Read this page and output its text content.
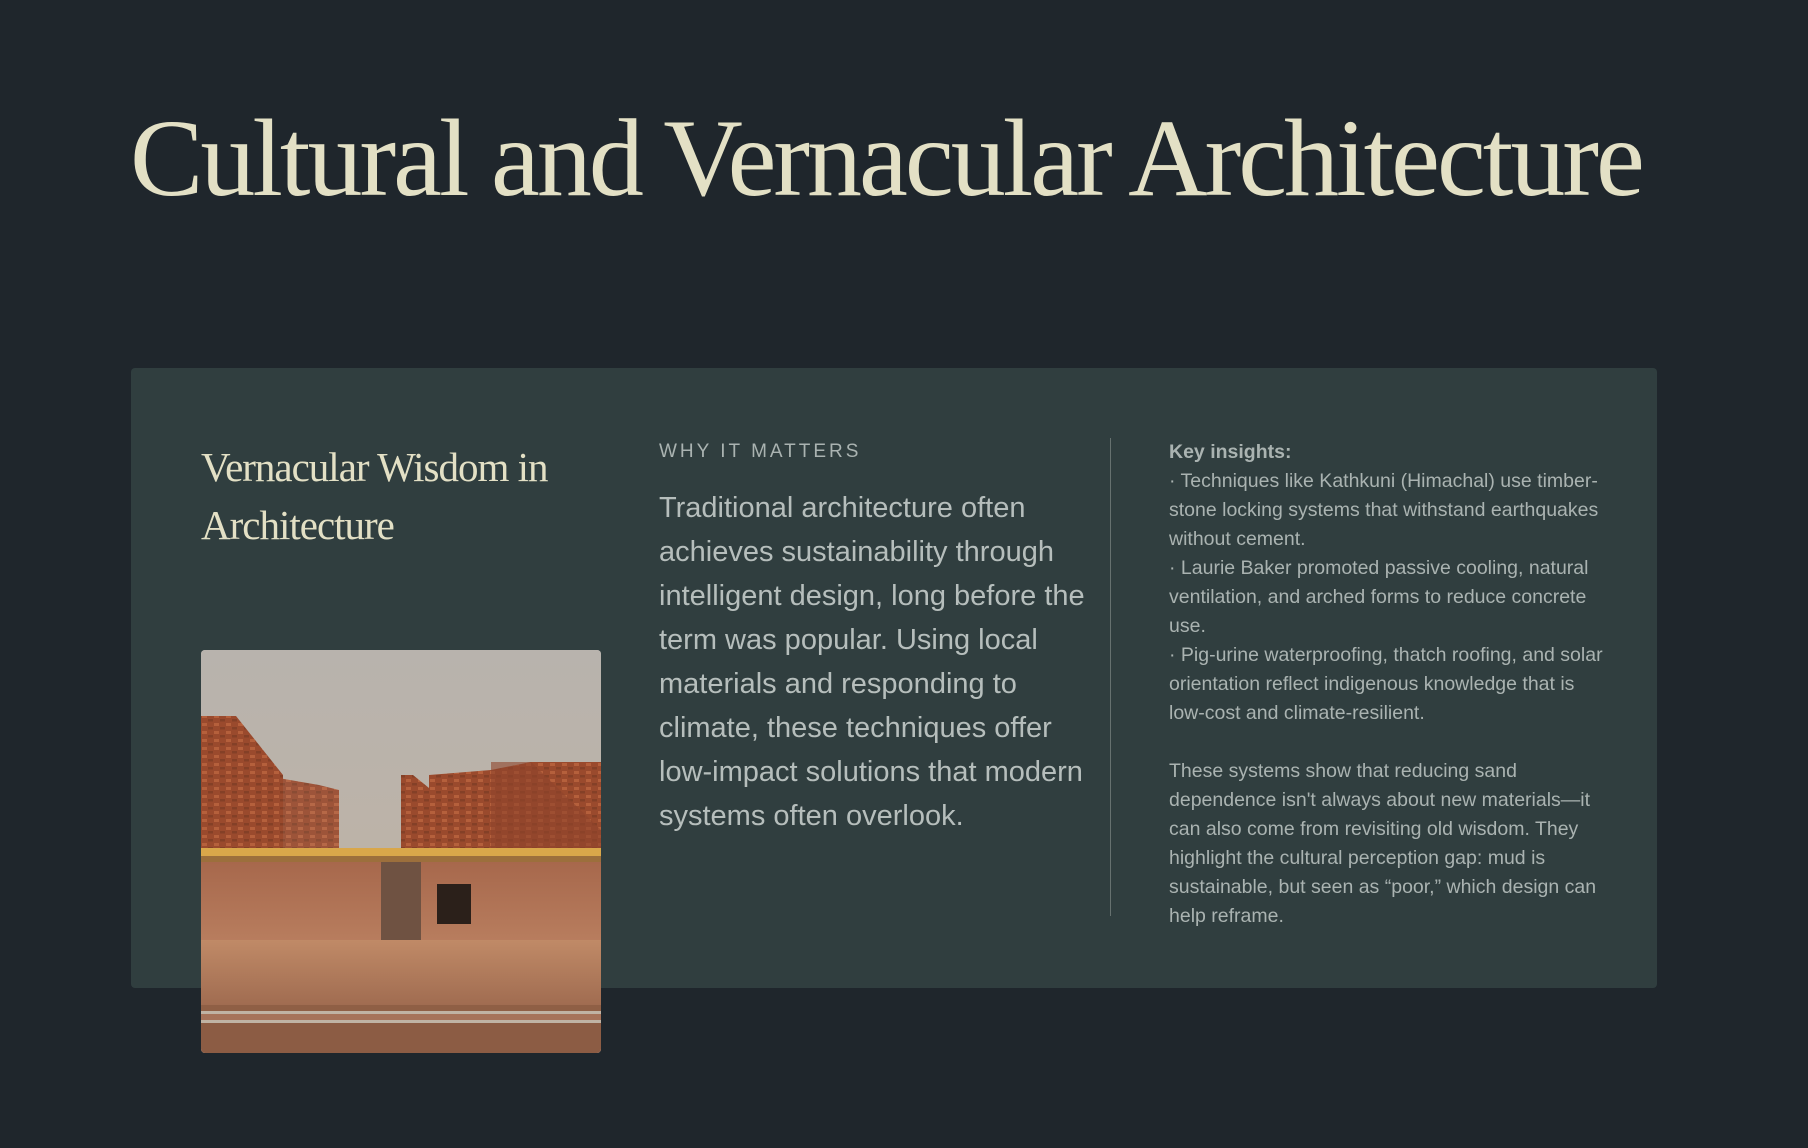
Cultural and Vernacular Architecture
Vernacular Wisdom in Architecture

WHY IT MATTERS

Traditional architecture often achieves sustainability through intelligent design, long before the term was popular. Using local materials and responding to climate, these techniques offer low-impact solutions that modern systems often overlook.

Key insights:

· Techniques like Kathkuni (Himachal) use timber-stone locking systems that withstand earthquakes without cement.

· Laurie Baker promoted passive cooling, natural ventilation, and arched forms to reduce concrete use.

· Pig-urine waterproofing, thatch roofing, and solar orientation reflect indigenous knowledge that is low-cost and climate-resilient.

These systems show that reducing sand dependence isn't always about new materials—it can also come from revisiting old wisdom. They highlight the cultural perception gap: mud is sustainable, but seen as “poor,” which design can help reframe.
